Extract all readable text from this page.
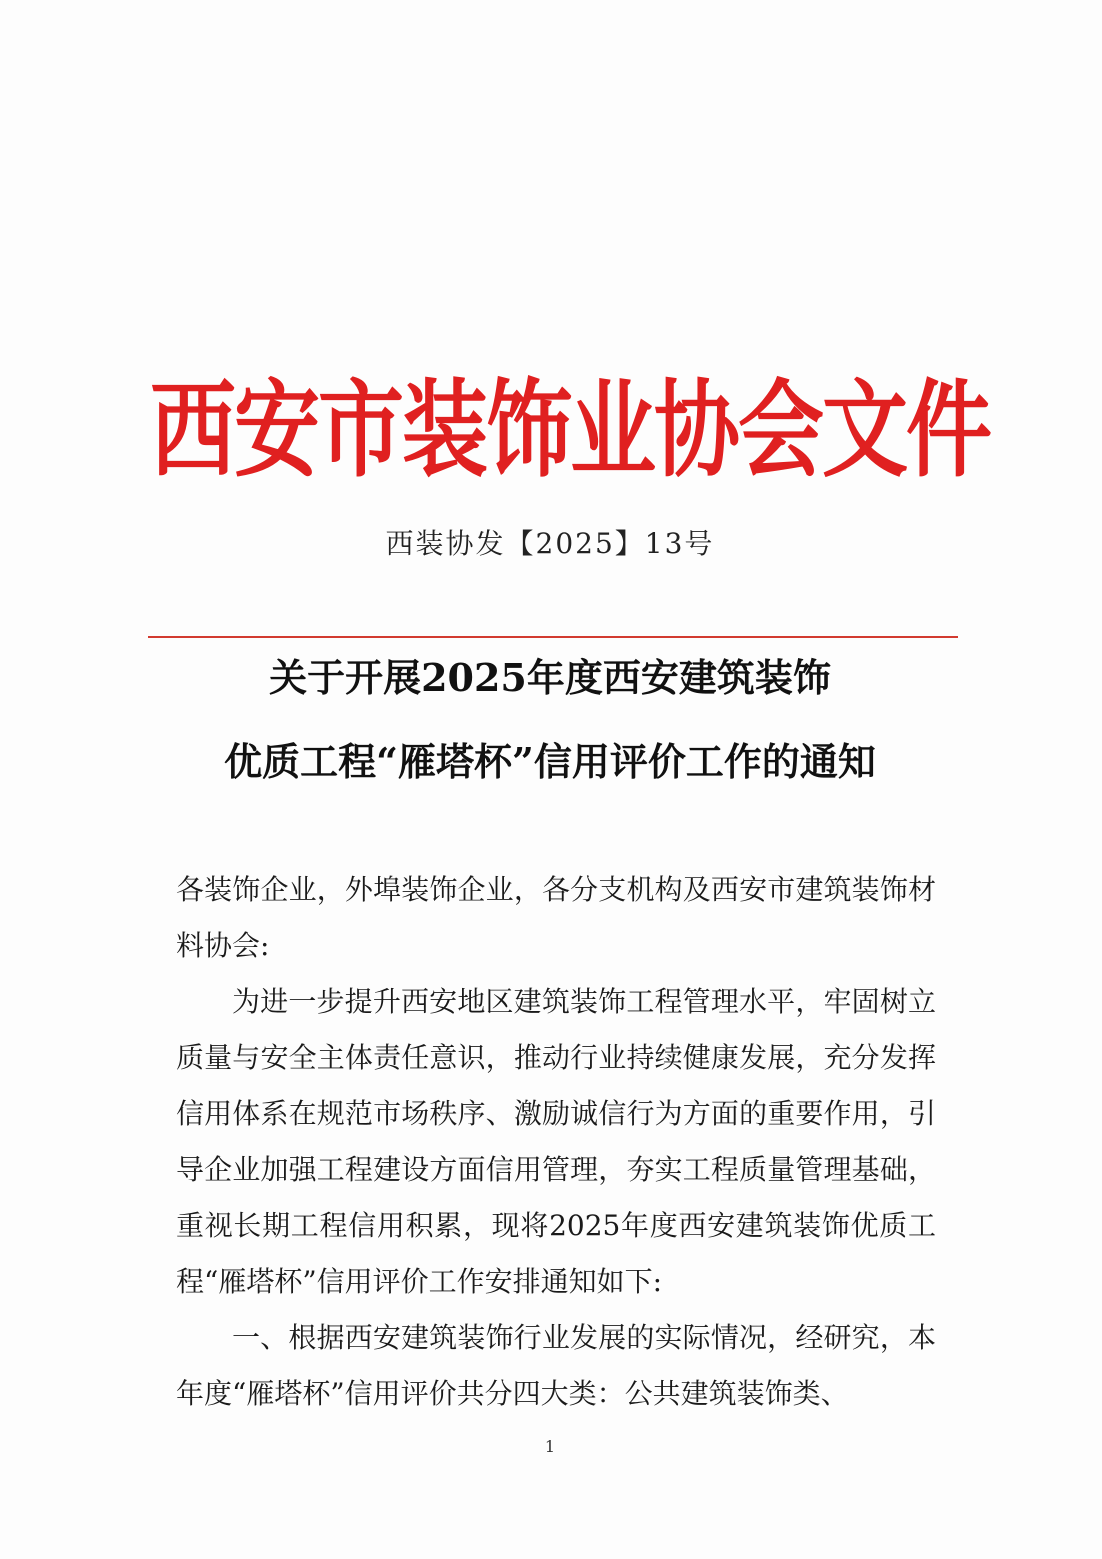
西安市装饰业协会文件
西装协发【2025】13号
关于开展2025年度西安建筑装饰
优质工程“雁塔杯”信用评价工作的通知
各装饰企业，外埠装饰企业，各分支机构及西安市建筑装饰材料协会:
为进一步提升西安地区建筑装饰工程管理水平，牢固树立质量与安全主体责任意识，推动行业持续健康发展，充分发挥信用体系在规范市场秩序、激励诚信行为方面的重要作用，引导企业加强工程建设方面信用管理，夯实工程质量管理基础，重视长期工程信用积累，现将2025年度西安建筑装饰优质工程“雁塔杯”信用评价工作安排通知如下:
一、根据西安建筑装饰行业发展的实际情况，经研究，本年度“雁塔杯”信用评价共分四大类：公共建筑装饰类、
1
